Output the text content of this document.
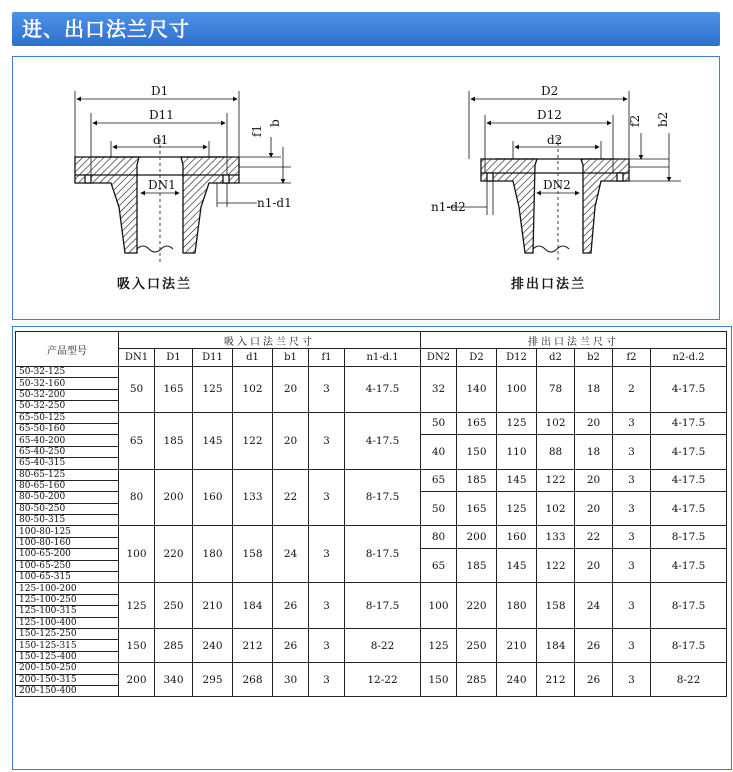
进、出口法兰尺寸
D1
D11
d1
DN1
f1
b
n1-d1
D2
D12
d2
DN2
f2 b2
n1-d2
吸入口法兰	排出口法兰
产品型号	吸入口法兰尺寸							排出口法兰尺寸						
	DN1	D1	D11	d1	b1	f1	n1-d.1	DN2	D2	D12	d2	b2	f2	n2-d.2
50-32-125	50	165	125	102	20	3	4-17.5	32	140	100	78	18	2	4-17.5
50-32-160														
50-32-200														
50-32-250														
65-50-125	65	185	145	122	20	3	4-17.5	50	165	125	102	20	3	4-17.5
65-50-160														
65-40-200								40	150	110	88	18	3	4-17.5
65-40-250														
65-40-315														
80-65-125	80	200	160	133	22	3	8-17.5	65	185	145	122	20	3	4-17.5
80-65-160														
80-50-200								50	165	125	102	20	3	4-17.5
80-50-250														
80-50-315														
100-80-125	100	220	180	158	24	3	8-17.5	80	200	160	133	22	3	8-17.5
100-80-160														
100-65-200								65	185	145	122	20	3	4-17.5
100-65-250														
100-65-315														
125-100-200	125	250	210	184	26	3	8-17.5	100	220	180	158	24	3	8-17.5
125-100-250														
125-100-315														
125-100-400														
150-125-250	150	285	240	212	26	3	8-22	125	250	210	184	26	3	8-17.5
150-125-315														
150-125-400														
200-150-250	200	340	295	268	30	3	12-22	150	285	240	212	26	3	8-22
200-150-315														
200-150-400														
